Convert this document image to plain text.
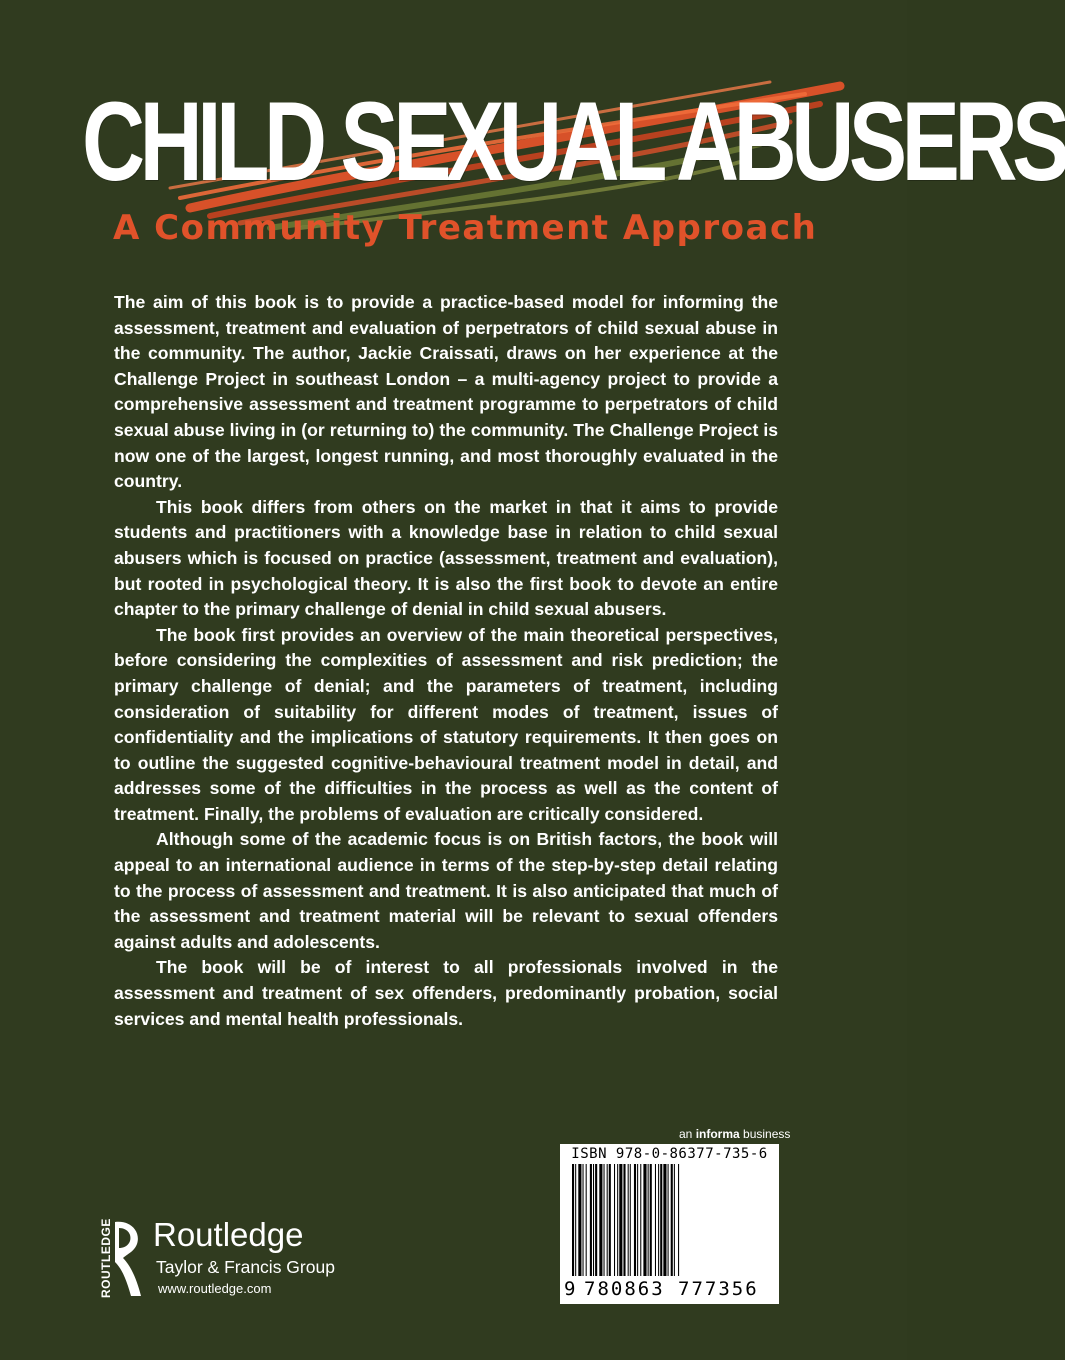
CHILD SEXUAL ABUSERS
A Community Treatment Approach

The aim of this book is to provide a practice-based model for informing the assessment, treatment and evaluation of perpetrators of child sexual abuse in the community. The author, Jackie Craissati, draws on her experience at the Challenge Project in southeast London – a multi-agency project to provide a comprehensive assessment and treatment programme to perpetrators of child sexual abuse living in (or returning to) the community. The Challenge Project is now one of the largest, longest running, and most thoroughly evaluated in the country.

This book differs from others on the market in that it aims to provide students and practitioners with a knowledge base in relation to child sexual abusers which is focused on practice (assessment, treatment and evaluation), but rooted in psychological theory. It is also the first book to devote an entire chapter to the primary challenge of denial in child sexual abusers.

The book first provides an overview of the main theoretical perspectives, before considering the complexities of assessment and risk prediction; the primary challenge of denial; and the parameters of treatment, including consideration of suitability for different modes of treatment, issues of confidentiality and the implications of statutory requirements. It then goes on to outline the suggested cognitive-behavioural treatment model in detail, and addresses some of the difficulties in the process as well as the content of treatment. Finally, the problems of evaluation are critically considered.

Although some of the academic focus is on British factors, the book will appeal to an international audience in terms of the step-by-step detail relating to the process of assessment and treatment. It is also anticipated that much of the assessment and treatment material will be relevant to sexual offenders against adults and adolescents.

The book will be of interest to all professionals involved in the assessment and treatment of sex offenders, predominantly probation, social services and mental health professionals.

an informa business
ISBN 978-0-86377-735-6
9 780863 777356
ROUTLEDGE Routledge
Taylor & Francis Group
www.routledge.com
